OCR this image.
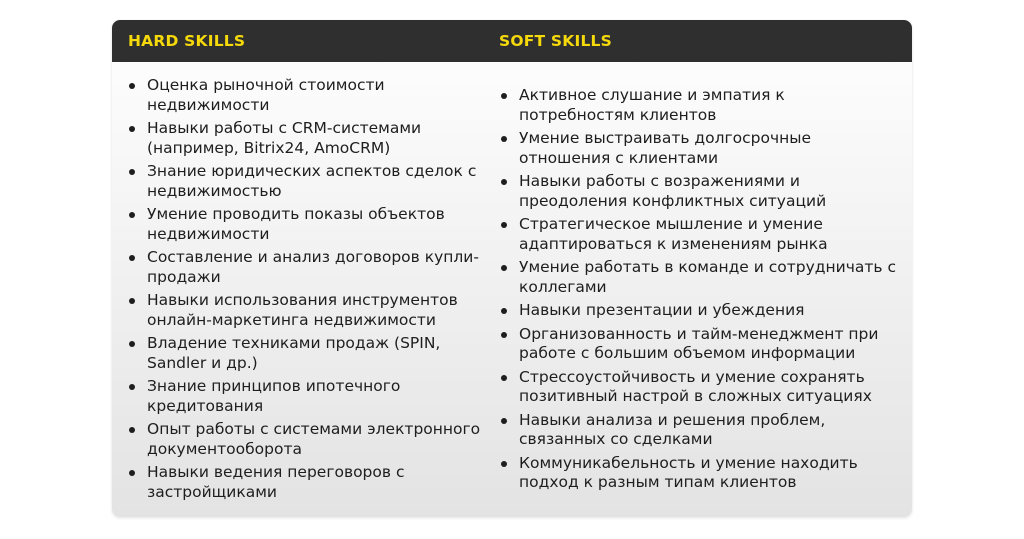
HARD SKILLS	SOFT SKILLS
Оценка рыночной стоимости недвижимости
Навыки работы с CRM-системами (например, Bitrix24, AmoCRM)
Знание юридических аспектов сделок с недвижимостью
Умение проводить показы объектов недвижимости
Составление и анализ договоров купли-продажи
Навыки использования инструментов онлайн-маркетинга недвижимости
Владение техниками продаж (SPIN, Sandler и др.)
Знание принципов ипотечного кредитования
Опыт работы с системами электронного документооборота
Навыки ведения переговоров с застройщиками
Активное слушание и эмпатия к потребностям клиентов
Умение выстраивать долгосрочные отношения с клиентами
Навыки работы с возражениями и преодоления конфликтных ситуаций
Стратегическое мышление и умение адаптироваться к изменениям рынка
Умение работать в команде и сотрудничать с коллегами
Навыки презентации и убеждения
Организованность и тайм-менеджмент при работе с большим объемом информации
Стрессоустойчивость и умение сохранять позитивный настрой в сложных ситуациях
Навыки анализа и решения проблем, связанных со сделками
Коммуникабельность и умение находить подход к разным типам клиентов
